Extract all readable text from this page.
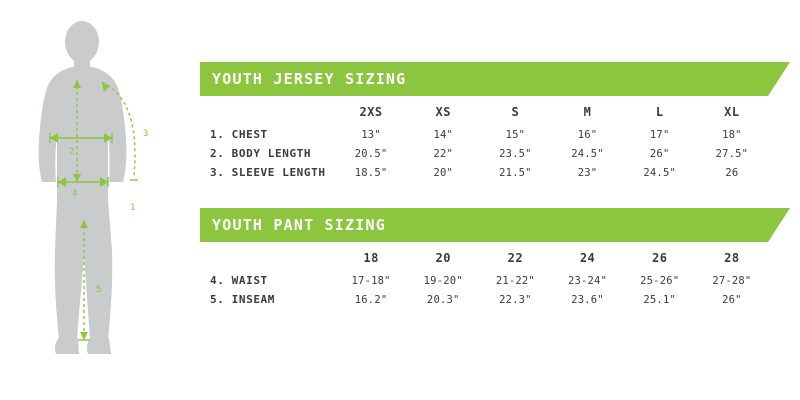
1
2
3
4
5
YOUTH JERSEY SIZING
	2XS	XS	S	M	L	XL
1. CHEST	13"	14"	15"	16"	17"	18"
2. BODY LENGTH	20.5"	22"	23.5"	24.5"	26"	27.5"
3. SLEEVE LENGTH	18.5"	20"	21.5"	23"	24.5"	26
YOUTH PANT SIZING
	18	20	22	24	26	28
4. WAIST	17-18"	19-20"	21-22"	23-24"	25-26"	27-28"
5. INSEAM	16.2"	20.3"	22.3"	23.6"	25.1"	26"
